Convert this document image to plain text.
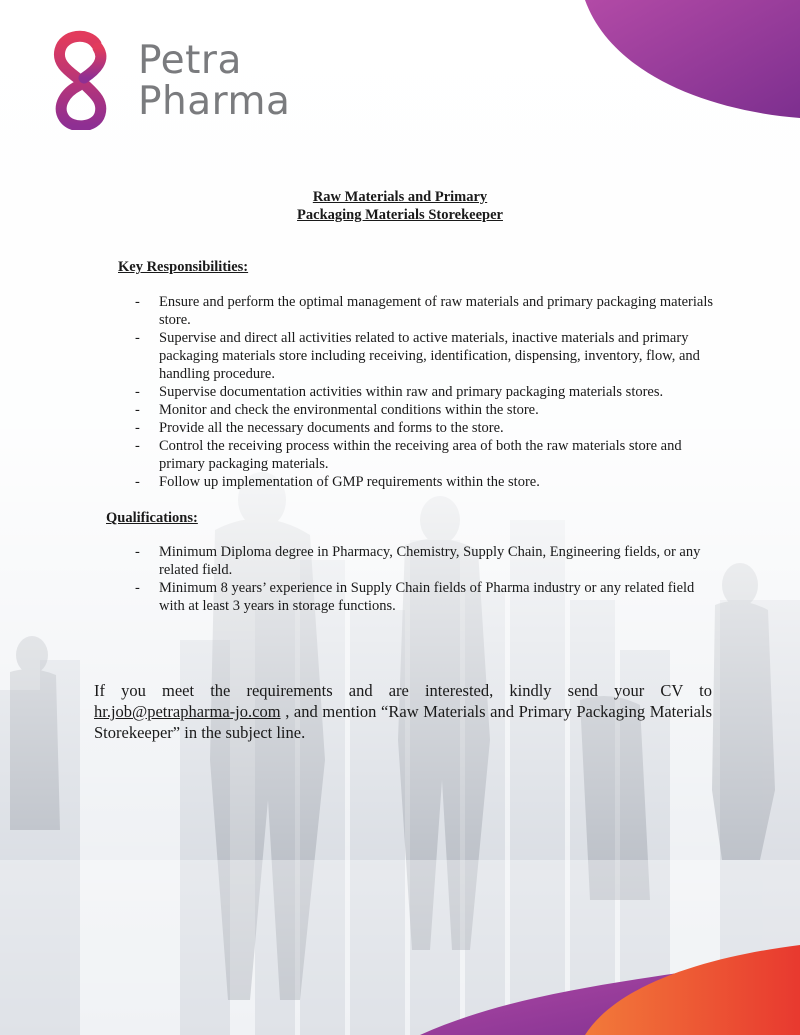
Petra
Pharma
Raw Materials and Primary
Packaging Materials Storekeeper
Key Responsibilities:
- Ensure and perform the optimal management of raw materials and primary packaging materials store.
- Supervise and direct all activities related to active materials, inactive materials and primary packaging materials store including receiving, identification, dispensing, inventory, flow, and handling procedure.
- Supervise documentation activities within raw and primary packaging materials stores.
- Monitor and check the environmental conditions within the store.
- Provide all the necessary documents and forms to the store.
- Control the receiving process within the receiving area of both the raw materials store and primary packaging materials.
- Follow up implementation of GMP requirements within the store.
Qualifications:
- Minimum Diploma degree in Pharmacy, Chemistry, Supply Chain, Engineering fields, or any related field.
- Minimum 8 years’ experience in Supply Chain fields of Pharma industry or any related field with at least 3 years in storage functions.

If you meet the requirements and are interested, kindly send your CV to hr.job@petrapharma-jo.com , and mention “Raw Materials and Primary Packaging Materials Storekeeper” in the subject line.
